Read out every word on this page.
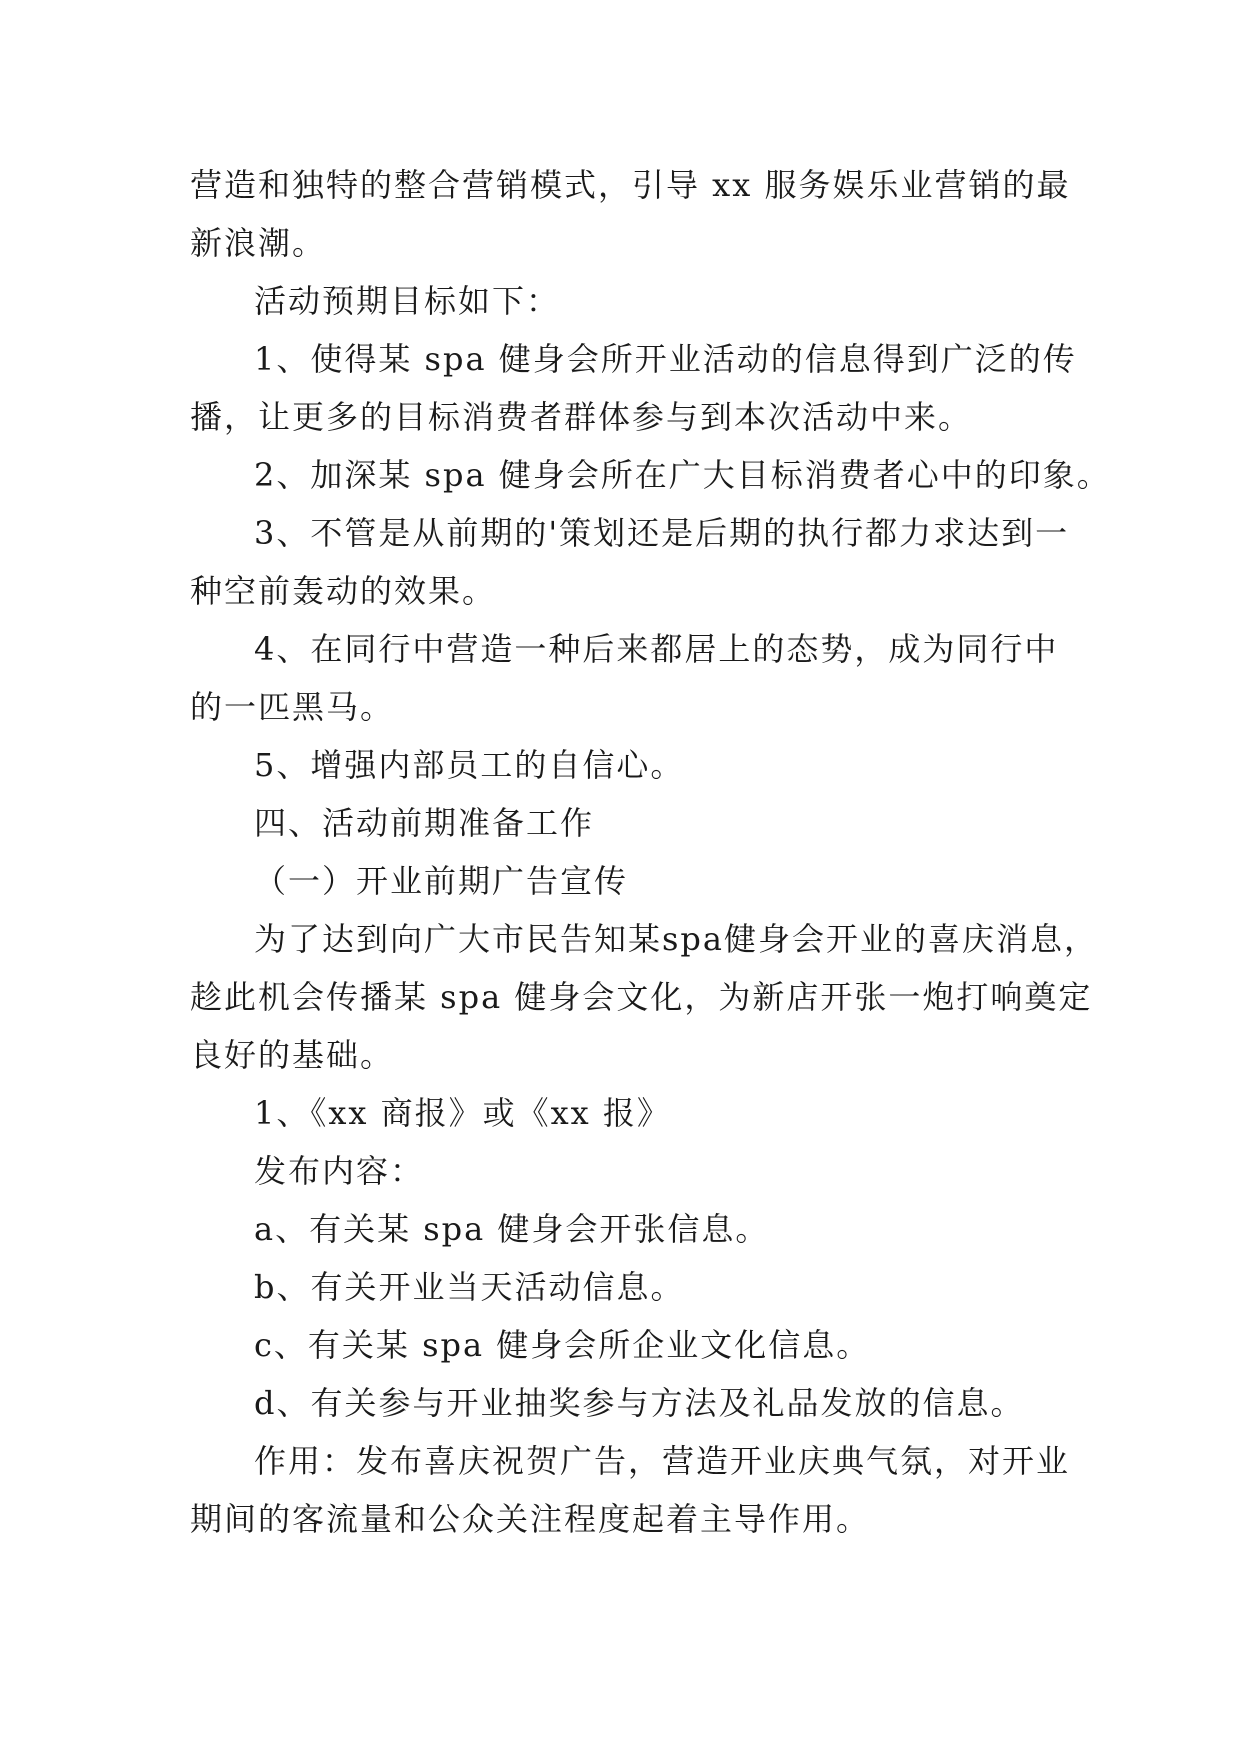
营造和独特的整合营销模式，引导 xx 服务娱乐业营销的最
新浪潮。
活动预期目标如下：
1、使得某 spa 健身会所开业活动的信息得到广泛的传
播，让更多的目标消费者群体参与到本次活动中来。
2、加深某 spa 健身会所在广大目标消费者心中的印象。
3、不管是从前期的'策划还是后期的执行都力求达到一
种空前轰动的效果。
4、在同行中营造一种后来都居上的态势，成为同行中
的一匹黑马。
5、增强内部员工的自信心。
四、活动前期准备工作
（一）开业前期广告宣传
为了达到向广大市民告知某spa健身会开业的喜庆消息，
趁此机会传播某 spa 健身会文化，为新店开张一炮打响奠定
良好的基础。
1、《xx 商报》或《xx 报》
发布内容：
a、有关某 spa 健身会开张信息。
b、有关开业当天活动信息。
c、有关某 spa 健身会所企业文化信息。
d、有关参与开业抽奖参与方法及礼品发放的信息。
作用：发布喜庆祝贺广告，营造开业庆典气氛，对开业
期间的客流量和公众关注程度起着主导作用。
